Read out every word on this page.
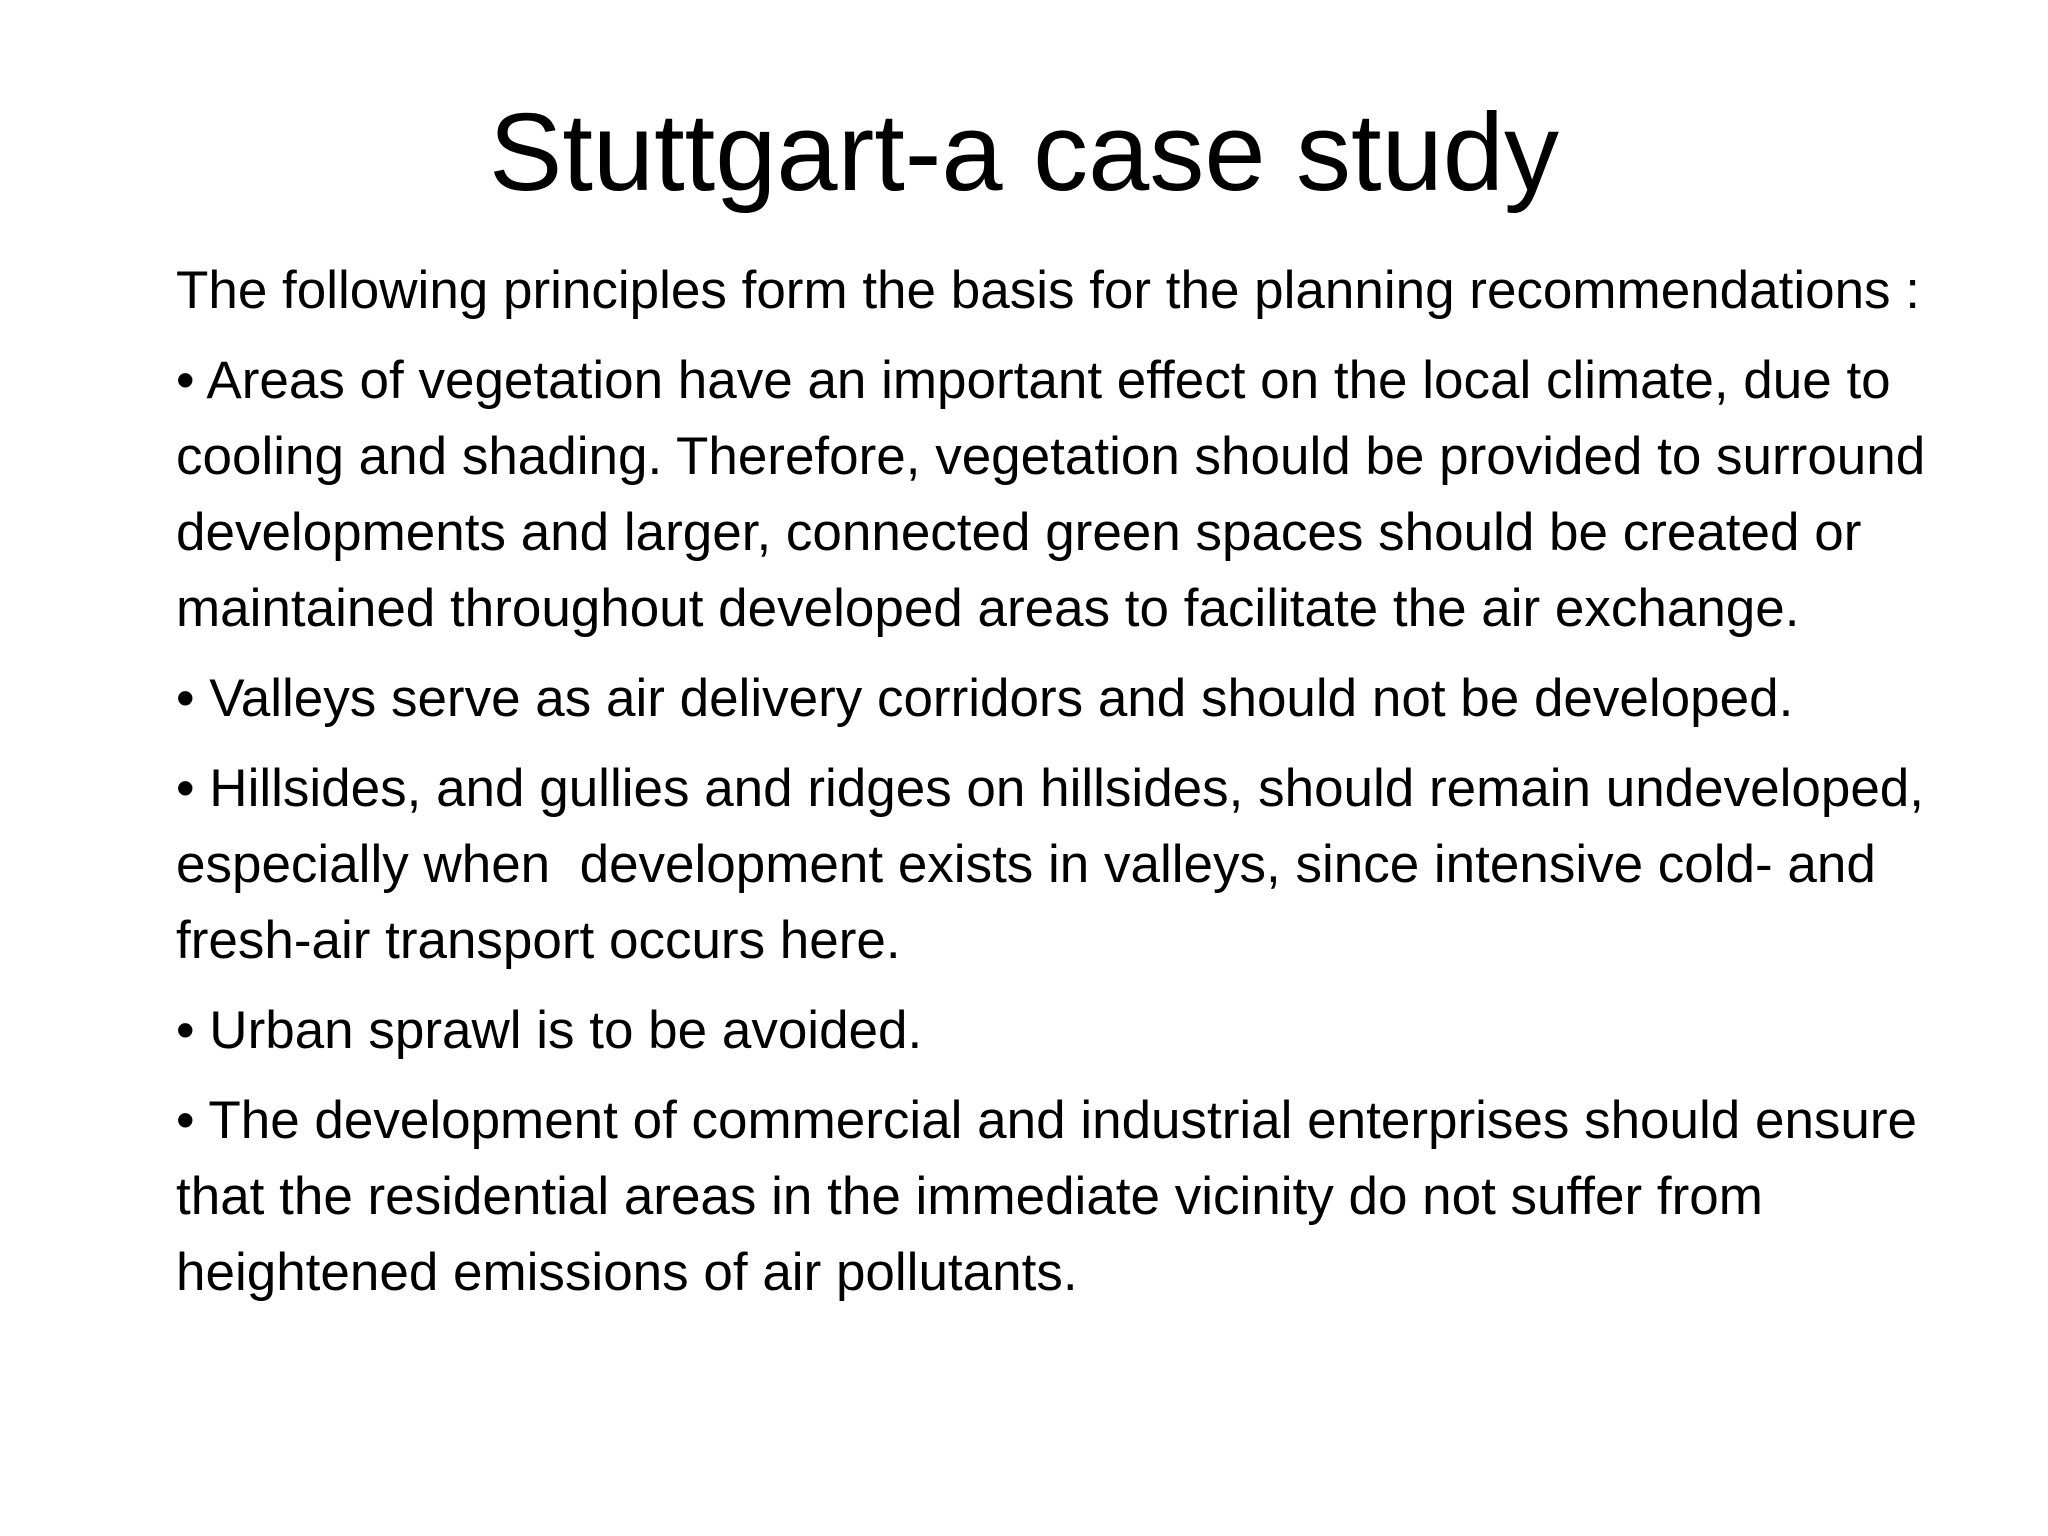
Stuttgart-a case study

The following principles form the basis for the planning recommendations :

• Areas of vegetation have an important effect on the local climate, due to cooling and shading. Therefore, vegetation should be provided to surround developments and larger, connected green spaces should be created or maintained throughout developed areas to facilitate the air exchange.

• Valleys serve as air delivery corridors and should not be developed.

• Hillsides, and gullies and ridges on hillsides, should remain undeveloped, especially when  development exists in valleys, since intensive cold- and fresh-air transport occurs here.

• Urban sprawl is to be avoided.

• The development of commercial and industrial enterprises should ensure that the residential areas in the immediate vicinity do not suffer from heightened emissions of air pollutants.
